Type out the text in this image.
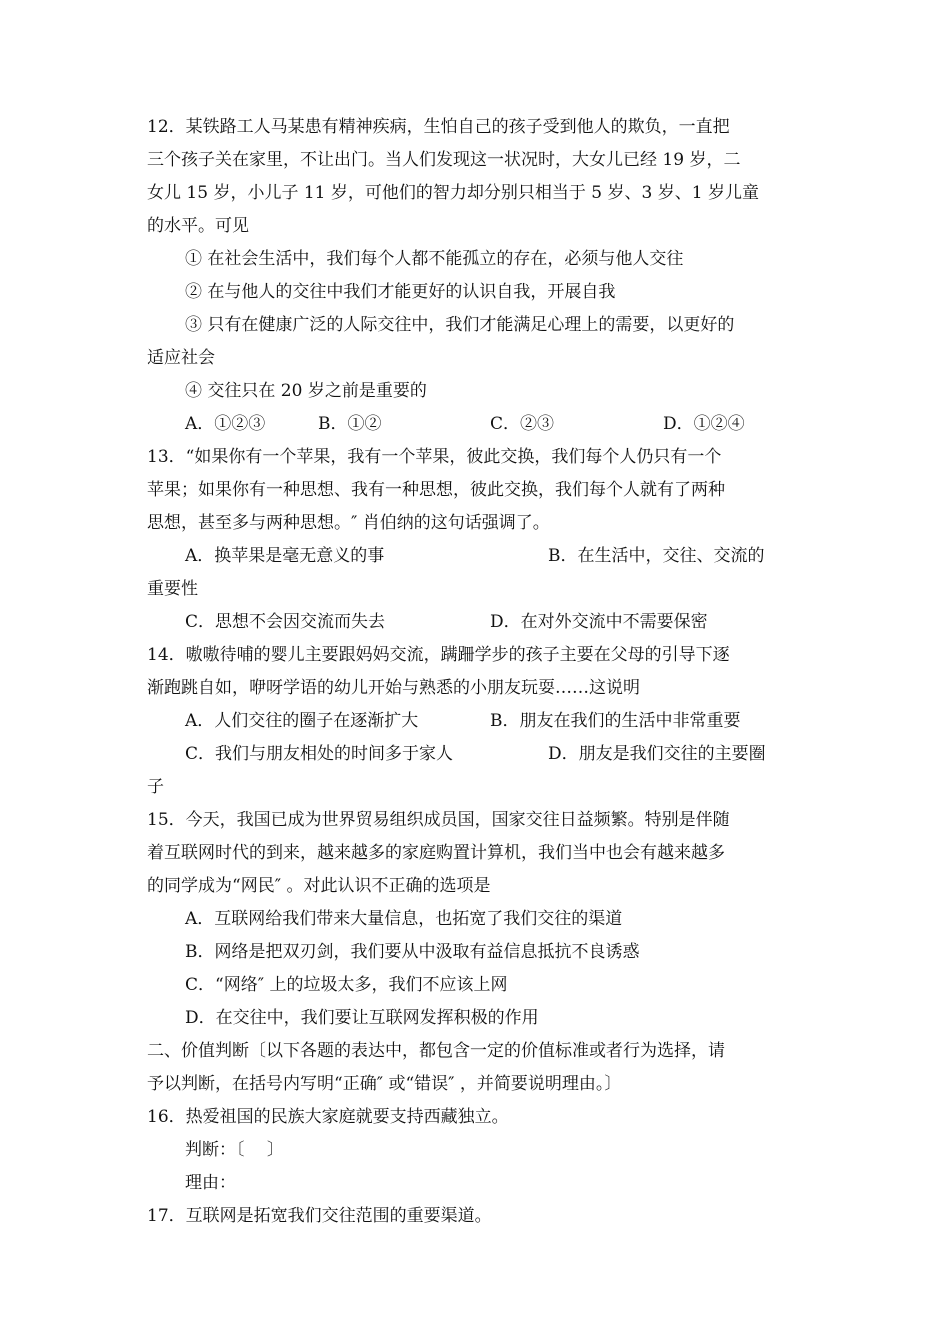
12．某铁路工人马某患有精神疾病，生怕自己的孩子受到他人的欺负，一直把
三个孩子关在家里，不让出门。当人们发现这一状况时，大女儿已经 19 岁，二
女儿 15 岁，小儿子 11 岁，可他们的智力却分别只相当于 5 岁、3 岁、1 岁儿童
的水平。可见
① 在社会生活中，我们每个人都不能孤立的存在，必须与他人交往
② 在与他人的交往中我们才能更好的认识自我，开展自我
③ 只有在健康广泛的人际交往中，我们才能满足心理上的需要，以更好的
适应社会
④ 交往只在 20 岁之前是重要的
A．①②③	B．①②	C．②③	D．①②④
13．“如果你有一个苹果，我有一个苹果，彼此交换，我们每个人仍只有一个
苹果；如果你有一种思想、我有一种思想，彼此交换，我们每个人就有了两种
思想，甚至多与两种思想。″ 肖伯纳的这句话强调了。
A．换苹果是毫无意义的事	B．在生活中，交往、交流的
重要性
C．思想不会因交流而失去	D．在对外交流中不需要保密
14．嗷嗷待哺的婴儿主要跟妈妈交流，蹒跚学步的孩子主要在父母的引导下逐
渐跑跳自如，咿呀学语的幼儿开始与熟悉的小朋友玩耍……这说明
A．人们交往的圈子在逐渐扩大	B．朋友在我们的生活中非常重要
C．我们与朋友相处的时间多于家人	D．朋友是我们交往的主要圈
子
15．今天，我国已成为世界贸易组织成员国，国家交往日益频繁。特别是伴随
着互联网时代的到来，越来越多的家庭购置计算机，我们当中也会有越来越多
的同学成为“网民″ 。对此认识不正确的选项是
A．互联网给我们带来大量信息，也拓宽了我们交往的渠道
B．网络是把双刃剑，我们要从中汲取有益信息抵抗不良诱惑
C．“网络″ 上的垃圾太多，我们不应该上网
D．在交往中，我们要让互联网发挥积极的作用
二、价值判断〔以下各题的表达中，都包含一定的价值标准或者行为选择，请
予以判断，在括号内写明“正确″ 或“错误″ ，并简要说明理由。〕
16．热爱祖国的民族大家庭就要支持西藏独立。
判断：〔　 〕
理由：
17．互联网是拓宽我们交往范围的重要渠道。
